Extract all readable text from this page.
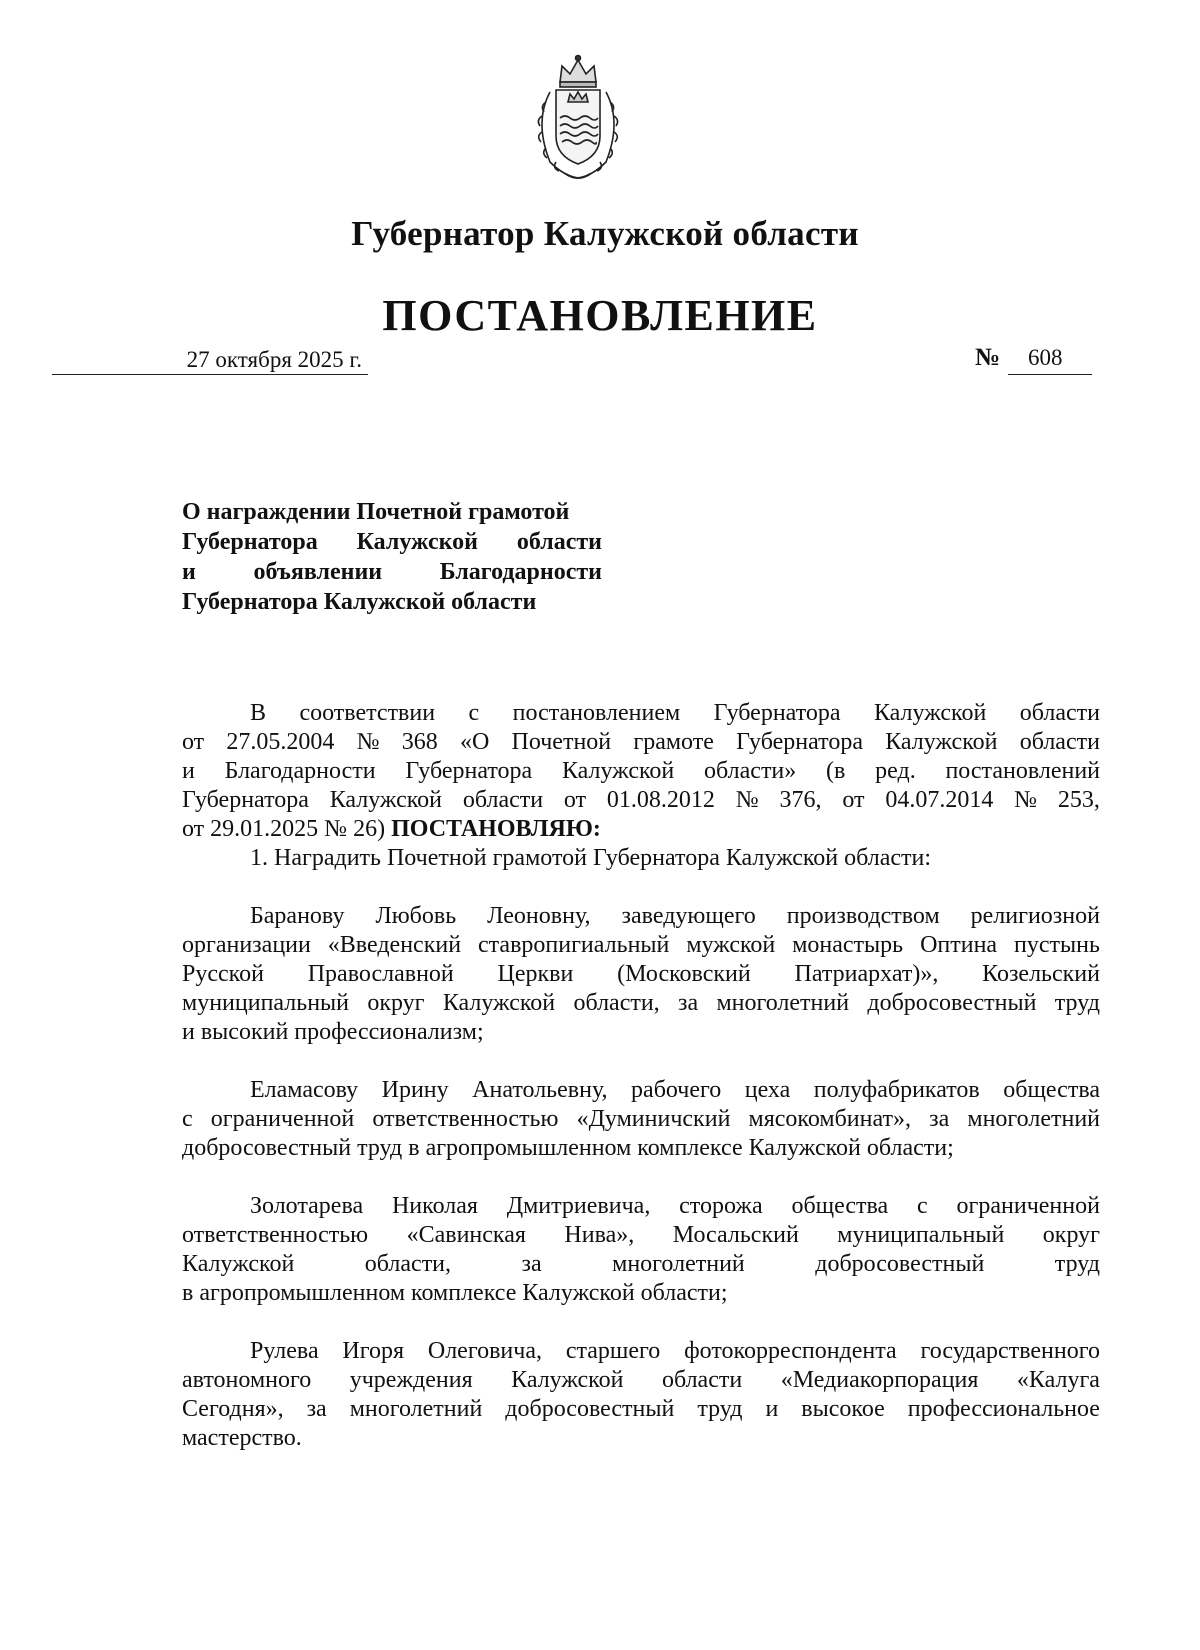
Губернатор Калужской области
ПОСТАНОВЛЕНИЕ
27 октября 2025 г.	№ 608
О награждении Почетной грамотой
Губернатора Калужской области
и объявлении Благодарности
Губернатора Калужской области
В соответствии с постановлением Губернатора Калужской области
от 27.05.2004 № 368 «О Почетной грамоте Губернатора Калужской области
и Благодарности Губернатора Калужской области» (в ред. постановлений
Губернатора Калужской области от 01.08.2012 № 376, от 04.07.2014 № 253,
от 29.01.2025 № 26) ПОСТАНОВЛЯЮ:
1. Наградить Почетной грамотой Губернатора Калужской области:
Баранову Любовь Леоновну, заведующего производством религиозной
организации «Введенский ставропигиальный мужской монастырь Оптина пустынь
Русской Православной Церкви (Московский Патриархат)», Козельский
муниципальный округ Калужской области, за многолетний добросовестный труд
и высокий профессионализм;
Еламасову Ирину Анатольевну, рабочего цеха полуфабрикатов общества
с ограниченной ответственностью «Думиничский мясокомбинат», за многолетний
добросовестный труд в агропромышленном комплексе Калужской области;
Золотарева Николая Дмитриевича, сторожа общества с ограниченной
ответственностью «Савинская Нива», Мосальский муниципальный округ
Калужской	области,	за	многолетний	добросовестный	труд
в агропромышленном комплексе Калужской области;
Рулева Игоря Олеговича, старшего фотокорреспондента государственного
автономного учреждения Калужской области «Медиакорпорация «Калуга
Сегодня», за многолетний добросовестный труд и высокое профессиональное
мастерство.
